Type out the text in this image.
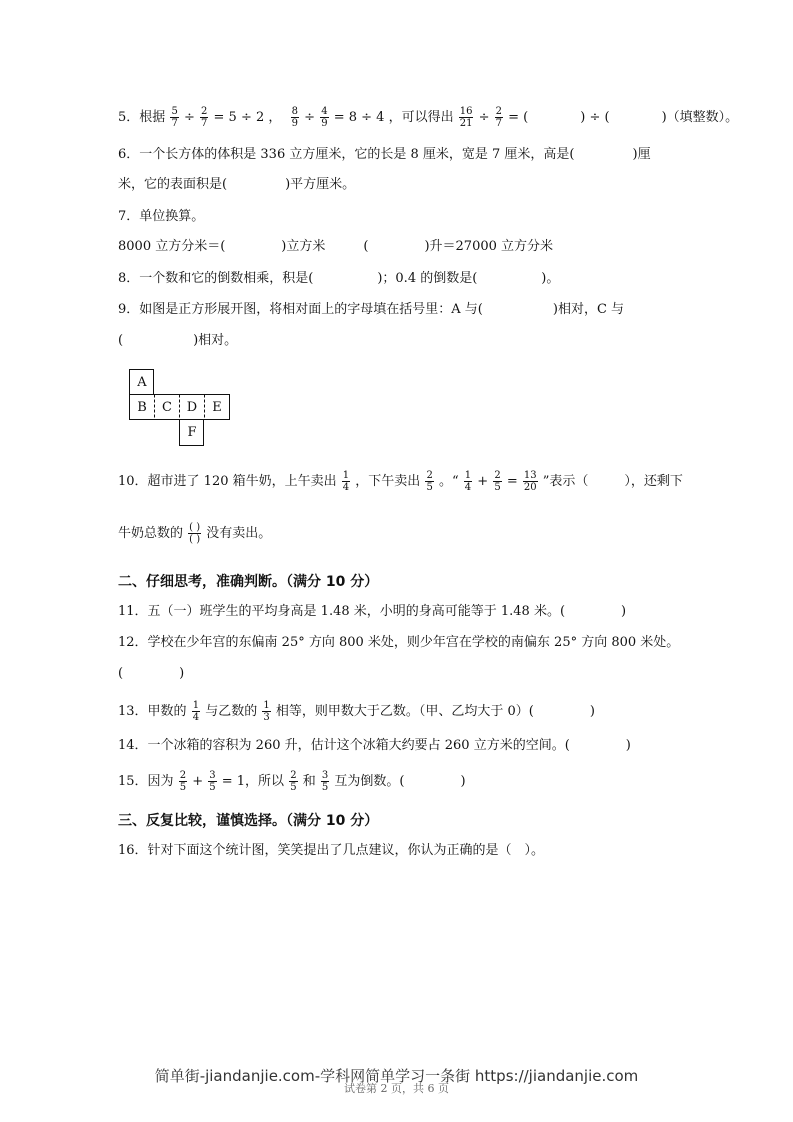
5．根据 $\frac{5}{7} \div \frac{2}{7} = 5 \div 2$ ， $\frac{8}{9} \div \frac{4}{9} = 8 \div 4$ ，可以得出 $\frac{16}{21} \div \frac{2}{7}$ = (	) ÷ (	)（填整数）。
6．一个长方体的体积是 336 立方厘米，它的长是 8 厘米，宽是 7 厘米，高是(	)厘
米，它的表面积是(	)平方厘米。
7．单位换算。
8000 立方分米＝(	)立方米	(	)升＝27000 立方分米
8．一个数和它的倒数相乘，积是(	)；0.4 的倒数是(	)。
9．如图是正方形展开图，将相对面上的字母填在括号里：A 与(	)相对，C 与
(	)相对。
A
B	C	D	E
F
10．超市进了 120 箱牛奶，上午卖出 $\frac{1}{4}$ ，下午卖出 $\frac{2}{5}$ 。“ $\frac{1}{4} + \frac{2}{5} = \frac{13}{20}$ ”表示（	），还剩下
牛奶总数的 ( )
( ) 没有卖出。
二、仔细思考，准确判断。（满分 10 分）
11．五（一）班学生的平均身高是 1.48 米，小明的身高可能等于 1.48 米。(	)
12．学校在少年宫的东偏南 25° 方向 800 米处，则少年宫在学校的南偏东 25° 方向 800 米处。
(	)
13．甲数的 $\frac{1}{4}$ 与乙数的 $\frac{1}{3}$ 相等，则甲数大于乙数。（甲、乙均大于 0）(	)
14．一个冰箱的容积为 260 升，估计这个冰箱大约要占 260 立方米的空间。(	)
15．因为 $\frac{2}{5} + \frac{3}{5} = 1$，所以 $\frac{2}{5}$ 和 $\frac{3}{5}$ 互为倒数。(	)
三、反复比较，谨慎选择。（满分 10 分）
16．针对下面这个统计图，笑笑提出了几点建议，你认为正确的是（　）。
简单街-jiandanjie.com-学科网简单学习一条街 https://jiandanjie.com
试卷第 2 页，共 6 页
